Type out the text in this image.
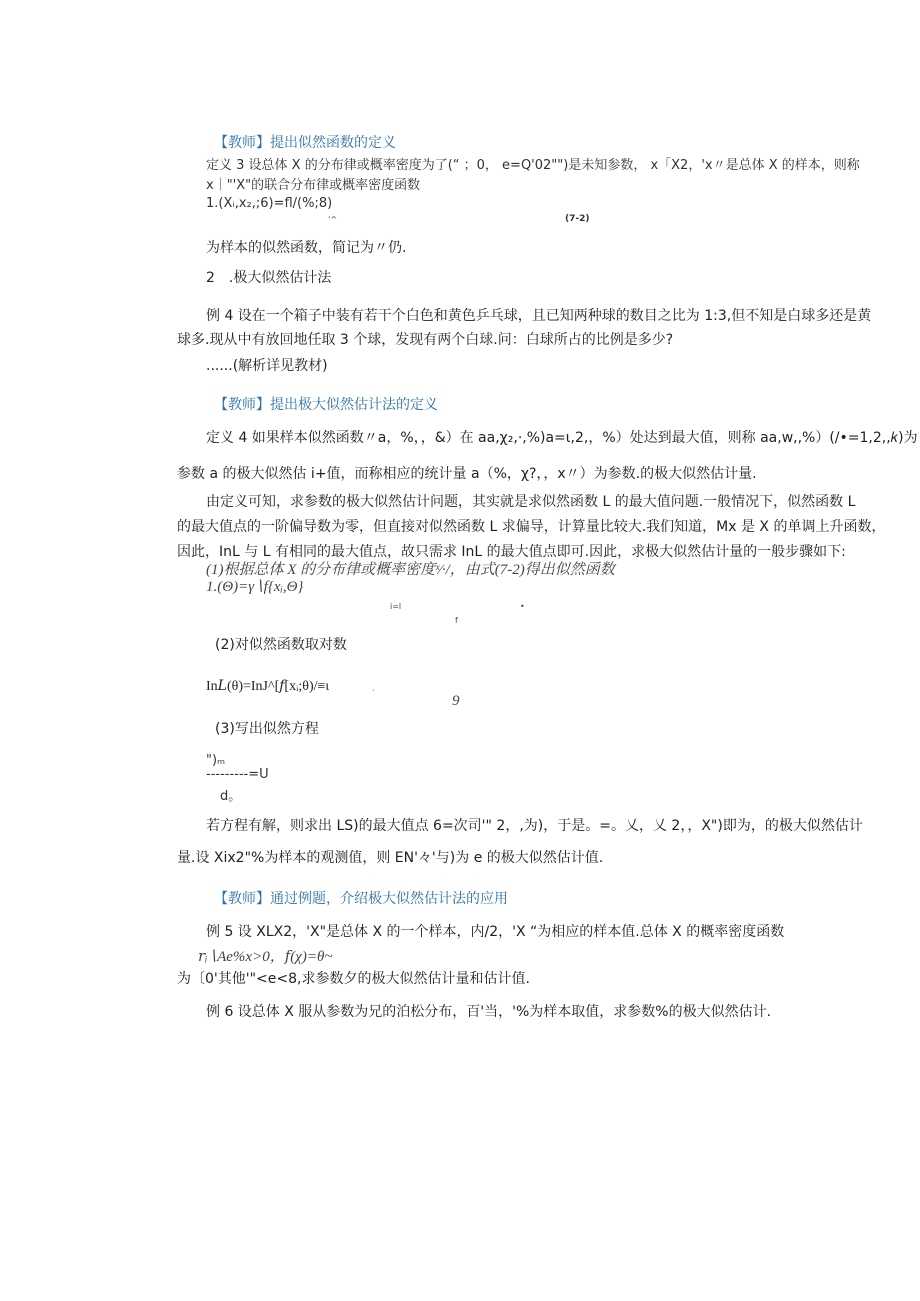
【教师】提出似然函数的定义

定义 3 设总体 X 的分布律或概率密度为了(“ ；0， e=Q'02"")是未知参数， x「X2，'x〃是总体 X 的样本，则称

x｜"'X"的联合分布律或概率密度函数

1.(Xᵢ,x₂,;6)=fl/(%;8)

ʻ^	(7-2)

为样本的似然函数，简记为〃仍.

2　.极大似然估计法

例 4 设在一个箱子中装有若干个白色和黄色乒乓球，且已知两种球的数目之比为 1:3,但不知是白球多还是黄

球多.现从中有放回地任取 3 个球，发现有两个白球.问：白球所占的比例是多少?

......(解析详见教材)

【教师】提出极大似然估计法的定义

定义 4 如果样本似然函数〃a，%，，&）在 aa,χ₂,·,%)a=ι,2,，%）处达到最大值，则称 aa,w,,%）(/•=1,2,,𝑘)为

参数 a 的极大似然估 i+值，而称相应的统计量 a（%，χ?，，x〃）为参数.的极大似然估计量.

由定义可知，求参数的极大似然估计问题，其实就是求似然函数 L 的最大值问题.一般情况下，似然函数 L

的最大值点的一阶偏导数为零，但直接对似然函数 L 求偏导，计算量比较大.我们知道，Mx 是 X 的单调上升函数，

因此，InL 与 L 有相同的最大值点，故只需求 InL 的最大值点即可.因此，求极大似然估计量的一般步骤如下:

(1)根据总体 X 的分布律或概率密度ˣ⁄·/，由式(7-2)得出似然函数

1.(Θ)=γ∖f{xᵢ,Θ}

i=l	•

f

(2)对似然函数取对数

In𝐿(θ)=InJ^[𝑓[xᵢ;θ)/≡ι	·

9

(3)写出似然方程

")ₘ

---------=U

d。

若方程有解，则求出 LS)的最大值点 6=次司'" 2，,为)，于是。=。乂，乂 2，，X")即为，的极大似然估计

量.设 Xix2"%为样本的观测值，则 EN'々'与)为 e 的极大似然估计值.

【教师】通过例题，介绍极大似然估计法的应用

例 5 设 XLX2，'X"是总体 X 的一个样本，内/2，'X “为相应的样本值.总体 X 的概率密度函数

𝑟ᵢ∖Ae%x>0，𝑓(χ)=θ~

为〔0'其他'"<e<8,求参数夕的极大似然估计量和估计值.

例 6 设总体 X 服从参数为兄的泊松分布，百'当，'%为样本取值，求参数%的极大似然估计.
